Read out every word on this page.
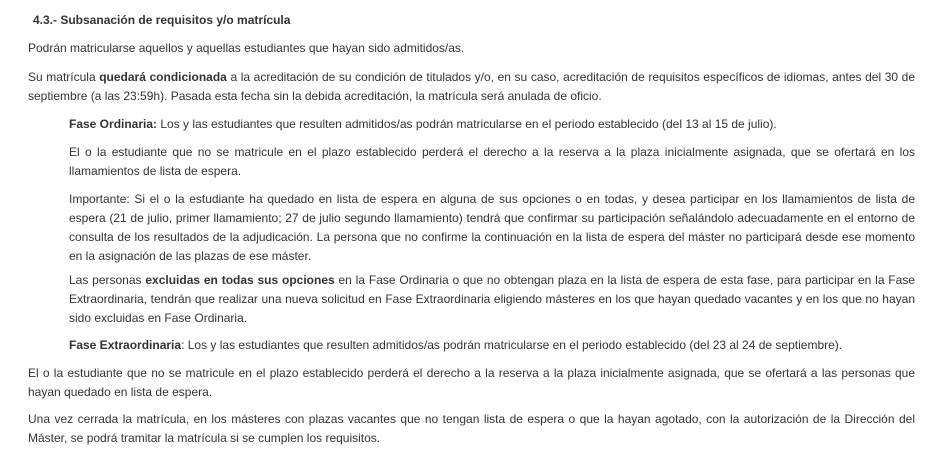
4.3.- Subsanación de requisitos y/o matrícula

Podrán matricularse aquellos y aquellas estudiantes que hayan sido admitidos/as.

Su matrícula quedará condicionada a la acreditación de su condición de titulados y/o, en su caso, acreditación de requisitos específicos de idiomas, antes del 30 de septiembre (a las 23:59h). Pasada esta fecha sin la debida acreditación, la matrícula será anulada de oficio.

Fase Ordinaria: Los y las estudiantes que resulten admitidos/as podrán matricularse en el periodo establecido (del 13 al 15 de julio).

El o la estudiante que no se matricule en el plazo establecido perderá el derecho a la reserva a la plaza inicialmente asignada, que se ofertará en los llamamientos de lista de espera.

Importante: Si el o la estudiante ha quedado en lista de espera en alguna de sus opciones o en todas, y desea participar en los llamamientos de lista de espera (21 de julio, primer llamamiento; 27 de julio segundo llamamiento) tendrá que confirmar su participación señalándolo adecuadamente en el entorno de consulta de los resultados de la adjudicación. La persona que no confirme la continuación en la lista de espera del máster no participará desde ese momento en la asignación de las plazas de ese máster.

Las personas excluidas en todas sus opciones en la Fase Ordinaria o que no obtengan plaza en la lista de espera de esta fase, para participar en la Fase Extraordinaria, tendrán que realizar una nueva solicitud en Fase Extraordinaria eligiendo másteres en los que hayan quedado vacantes y en los que no hayan sido excluidas en Fase Ordinaria.

Fase Extraordinaria: Los y las estudiantes que resulten admitidos/as podrán matricularse en el periodo establecido (del 23 al 24 de septiembre).

El o la estudiante que no se matricule en el plazo establecido perderá el derecho a la reserva a la plaza inicialmente asignada, que se ofertará a las personas que hayan quedado en lista de espera.

Una vez cerrada la matrícula, en los másteres con plazas vacantes que no tengan lista de espera o que la hayan agotado, con la autorización de la Dirección del Máster, se podrá tramitar la matrícula si se cumplen los requisitos.
